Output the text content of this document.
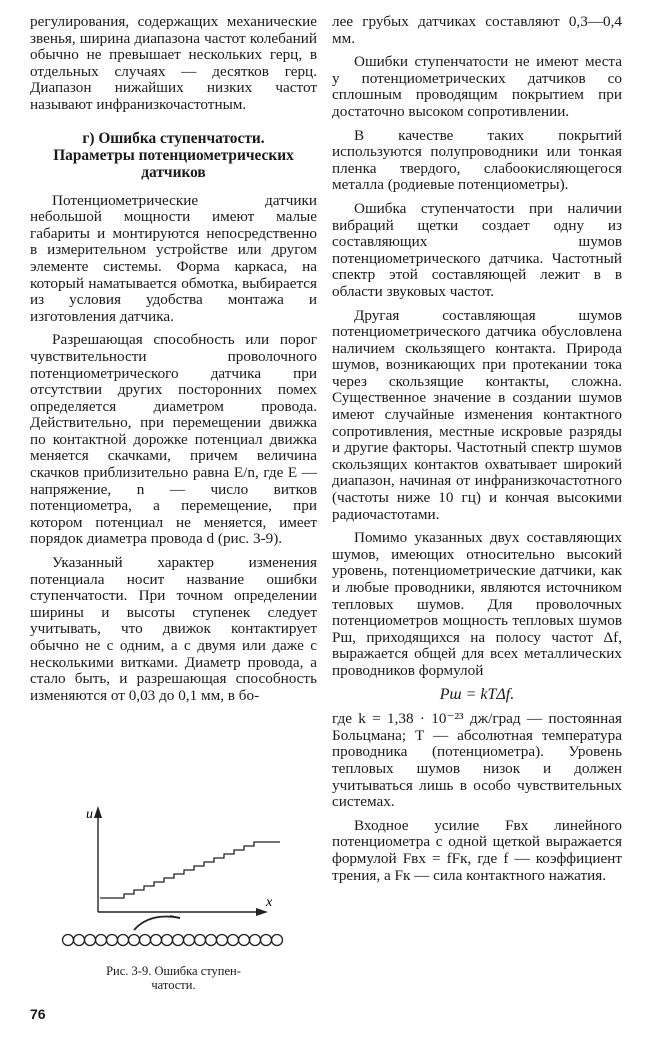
регулирования, содержащих механические звенья, ширина диапазона частот колебаний обычно не превышает нескольких герц, в отдельных случаях — десятков герц. Диапазон нижайших низких частот называют инфранизкочастотным.

г) Ошибка ступенчатости.
Параметры потенциометрических
датчиков

Потенциометрические датчики небольшой мощности имеют малые габариты и монтируются непосредственно в измерительном устройстве или другом элементе системы. Форма каркаса, на который наматывается обмотка, выбирается из условия удобства монтажа и изготовления датчика.

Разрешающая способность или порог чувствительности проволочного потенциометрического датчика при отсутствии других посторонних помех определяется диаметром провода. Действительно, при перемещении движка по контактной дорожке потенциал движка меняется скачками, причем величина скачков приблизительно равна E/n, где E — напряжение, n — число витков потенциометра, а перемещение, при котором потенциал не меняется, имеет порядок диаметра провода d (рис. 3-9).

Указанный характер изменения потенциала носит название ошибки ступенчатости. При точном определении ширины и высоты ступенек следует учитывать, что движок контактирует обычно не с одним, а с двумя или даже с несколькими витками. Диаметр провода, а стало быть, и разрешающая способность изменяются от 0,03 до 0,1 мм, в бо-

u
x
Рис. 3-9. Ошибка ступен-
чатости.

лее грубых датчиках составляют 0,3—0,4 мм.

Ошибки ступенчатости не имеют места у потенциометрических датчиков со сплошным проводящим покрытием при достаточно высоком сопротивлении.

В качестве таких покрытий используются полупроводники или тонкая пленка твердого, слабоокисляющегося металла (родиевые потенциометры).

Ошибка ступенчатости при наличии вибраций щетки создает одну из составляющих шумов потенциометрического датчика. Частотный спектр этой составляющей лежит в в области звуковых частот.

Другая составляющая шумов потенциометрического датчика обусловлена наличием скользящего контакта. Природа шумов, возникающих при протекании тока через скользящие контакты, сложна. Существенное значение в создании шумов имеют случайные изменения контактного сопротивления, местные искровые разряды и другие факторы. Частотный спектр шумов скользящих контактов охватывает широкий диапазон, начиная от инфранизкочастотного (частоты ниже 10 гц) и кончая высокими радиочастотами.

Помимо указанных двух составляющих шумов, имеющих относительно высокий уровень, потенциометрические датчики, как и любые проводники, являются источником тепловых шумов. Для проволочных потенциометров мощность тепловых шумов Pш, приходящихся на полосу частот Δf, выражается общей для всех металлических проводников формулой

Pш = kTΔf.

где k = 1,38 · 10⁻²³ дж/град — постоянная Больцмана; T — абсолютная температура проводника (потенциометра). Уровень тепловых шумов низок и должен учитываться лишь в особо чувствительных системах.

Входное усилие Fвх линейного потенциометра с одной щеткой выражается формулой Fвх = fFк, где f — коэффициент трения, а Fк — сила контактного нажатия.

76
